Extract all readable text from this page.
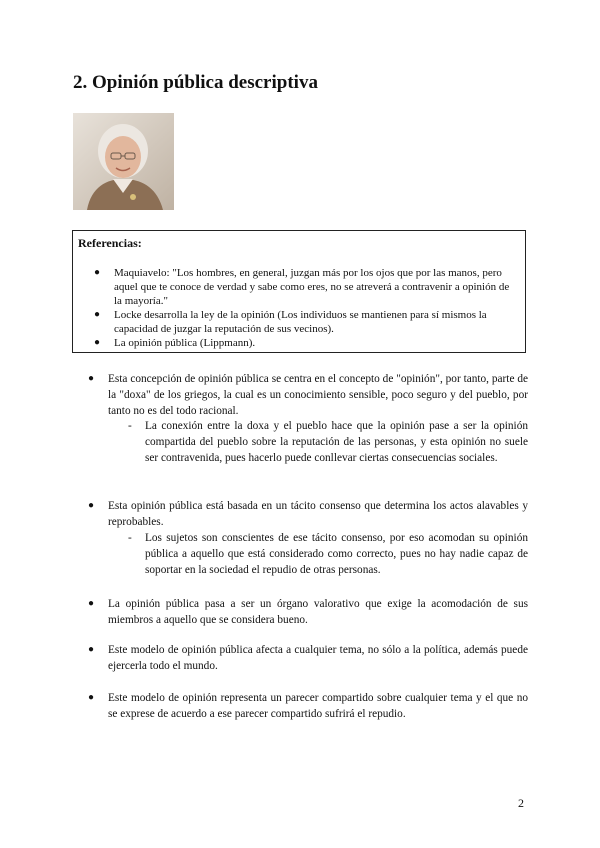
2. Opinión pública descriptiva
Referencias:
● Maquiavelo: "Los hombres, en general, juzgan más por los ojos que por las manos, pero aquel que te conoce de verdad y sabe como eres, no se atreverá a contravenir a opinión de la mayoría."
● Locke desarrolla la ley de la opinión (Los individuos se mantienen para sí mismos la capacidad de juzgar la reputación de sus vecinos).
● La opinión pública (Lippmann).
● Esta concepción de opinión pública se centra en el concepto de "opinión", por tanto, parte de la "doxa" de los griegos, la cual es un conocimiento sensible, poco seguro y del pueblo, por tanto no es del todo racional.
- La conexión entre la doxa y el pueblo hace que la opinión pase a ser la opinión compartida del pueblo sobre la reputación de las personas, y esta opinión no suele ser contravenida, pues hacerlo puede conllevar ciertas consecuencias sociales.
● Esta opinión pública está basada en un tácito consenso que determina los actos alavables y reprobables.
- Los sujetos son conscientes de ese tácito consenso, por eso acomodan su opinión pública a aquello que está considerado como correcto, pues no hay nadie capaz de soportar en la sociedad el repudio de otras personas.
● La opinión pública pasa a ser un órgano valorativo que exige la acomodación de sus miembros a aquello que se considera bueno.
● Este modelo de opinión pública afecta a cualquier tema, no sólo a la política, además puede ejercerla todo el mundo.
● Este modelo de opinión representa un parecer compartido sobre cualquier tema y el que no se exprese de acuerdo a ese parecer compartido sufrirá el repudio.
2
